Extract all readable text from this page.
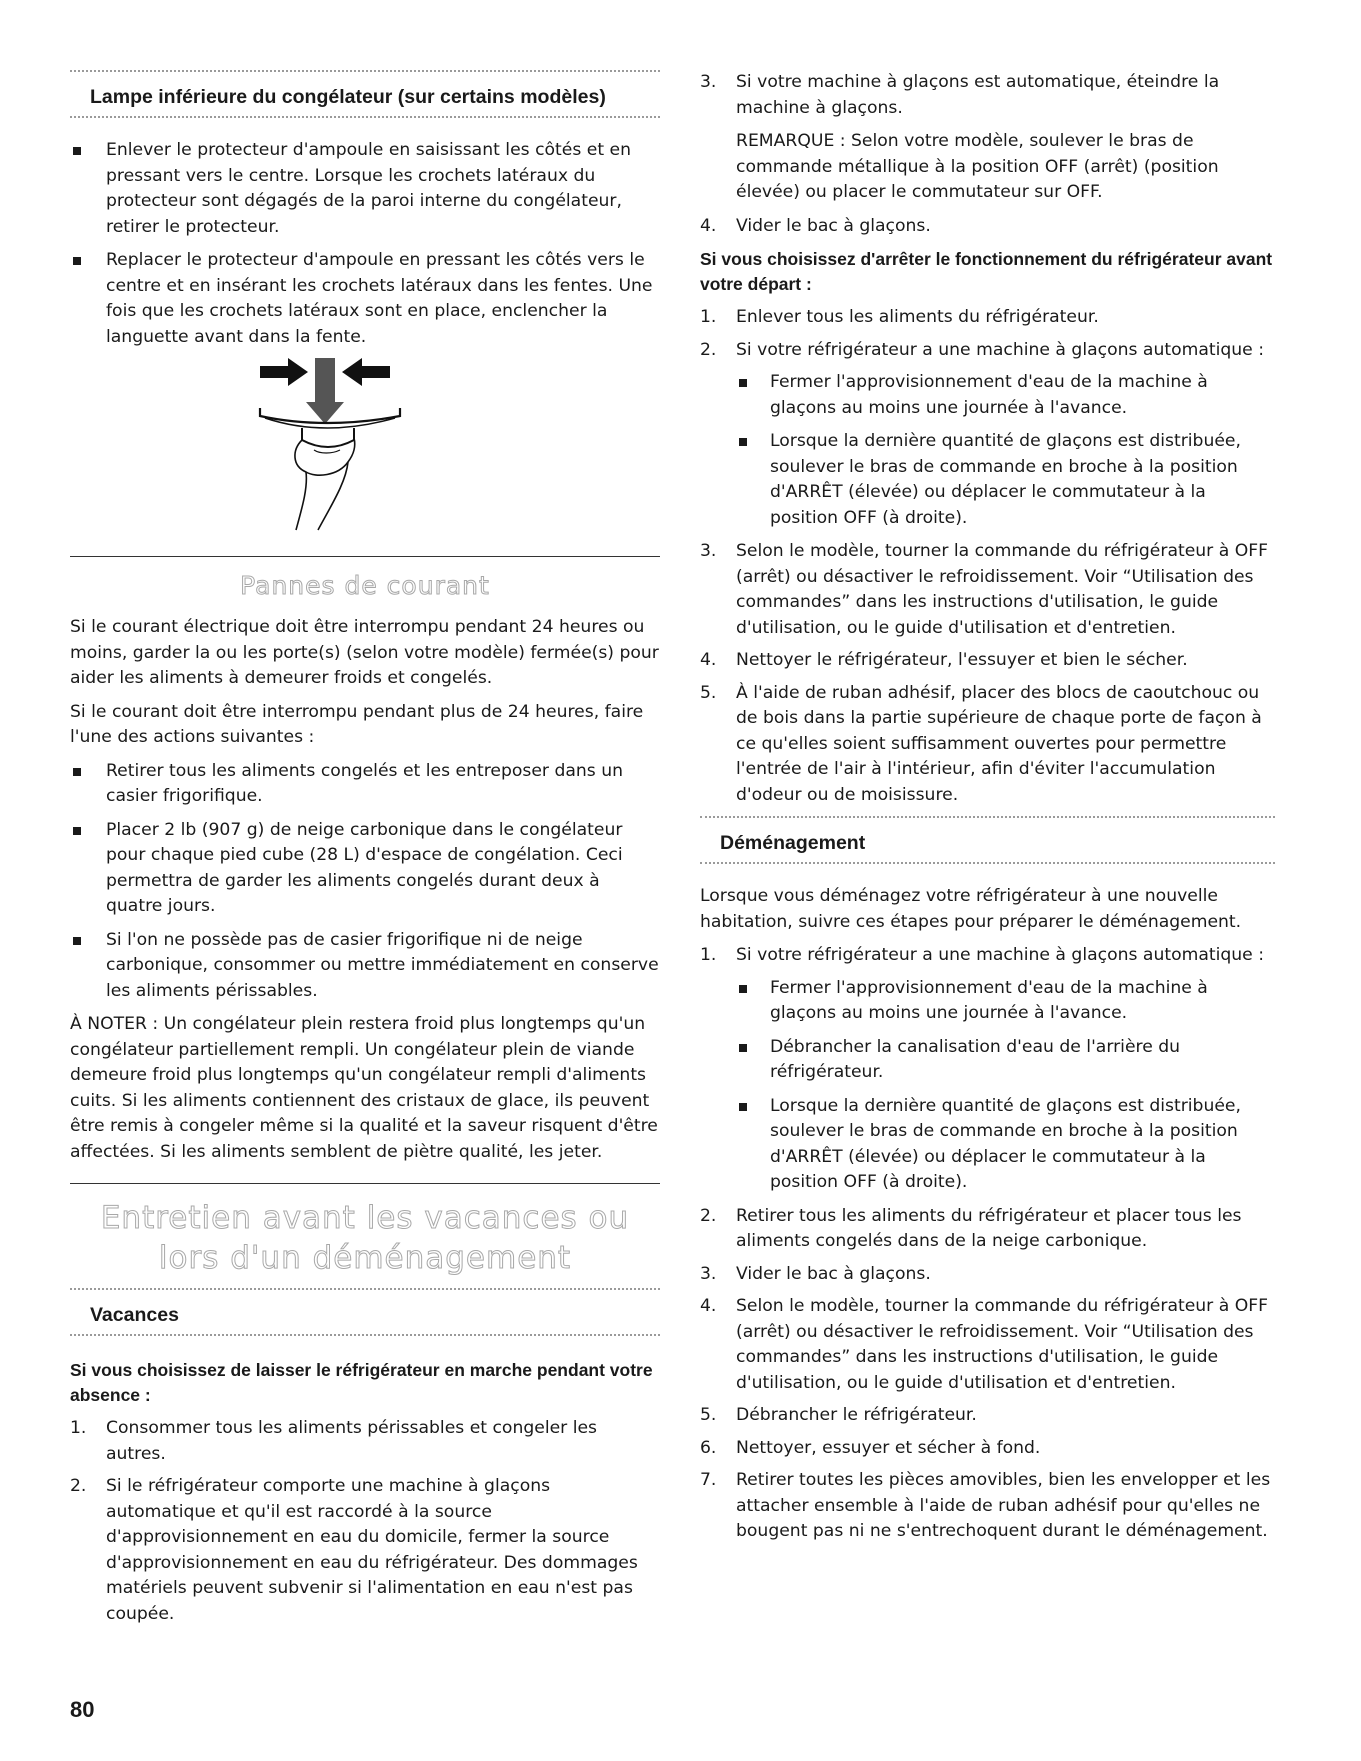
Lampe inférieure du congélateur (sur certains modèles)
Enlever le protecteur d'ampoule en saisissant les côtés et en pressant vers le centre. Lorsque les crochets latéraux du protecteur sont dégagés de la paroi interne du congélateur, retirer le protecteur.
Replacer le protecteur d'ampoule en pressant les côtés vers le centre et en insérant les crochets latéraux dans les fentes. Une fois que les crochets latéraux sont en place, enclencher la languette avant dans la fente.
Pannes de courant

Si le courant électrique doit être interrompu pendant 24 heures ou moins, garder la ou les porte(s) (selon votre modèle) fermée(s) pour aider les aliments à demeurer froids et congelés.

Si le courant doit être interrompu pendant plus de 24 heures, faire l'une des actions suivantes :

Retirer tous les aliments congelés et les entreposer dans un casier frigorifique.
Placer 2 lb (907 g) de neige carbonique dans le congélateur pour chaque pied cube (28 L) d'espace de congélation. Ceci permettra de garder les aliments congelés durant deux à quatre jours.
Si l'on ne possède pas de casier frigorifique ni de neige carbonique, consommer ou mettre immédiatement en conserve les aliments périssables.

À NOTER : Un congélateur plein restera froid plus longtemps qu'un congélateur partiellement rempli. Un congélateur plein de viande demeure froid plus longtemps qu'un congélateur rempli d'aliments cuits. Si les aliments contiennent des cristaux de glace, ils peuvent être remis à congeler même si la qualité et la saveur risquent d'être affectées. Si les aliments semblent de piètre qualité, les jeter.

Entretien avant les vacances ou
lors d'un déménagement
Vacances
Si vous choisissez de laisser le réfrigérateur en marche pendant votre absence :
1. Consommer tous les aliments périssables et congeler les autres.
2. Si le réfrigérateur comporte une machine à glaçons automatique et qu'il est raccordé à la source d'approvisionnement en eau du domicile, fermer la source d'approvisionnement en eau du réfrigérateur. Des dommages matériels peuvent subvenir si l'alimentation en eau n'est pas coupée.
3. Si votre machine à glaçons est automatique, éteindre la machine à glaçons.

REMARQUE : Selon votre modèle, soulever le bras de commande métallique à la position OFF (arrêt) (position élevée) ou placer le commutateur sur OFF.

4. Vider le bac à glaçons.
Si vous choisissez d'arrêter le fonctionnement du réfrigérateur avant votre départ :
1. Enlever tous les aliments du réfrigérateur.
2. Si votre réfrigérateur a une machine à glaçons automatique :
Fermer l'approvisionnement d'eau de la machine à glaçons au moins une journée à l'avance.
Lorsque la dernière quantité de glaçons est distribuée, soulever le bras de commande en broche à la position d'ARRÊT (élevée) ou déplacer le commutateur à la position OFF (à droite).
3. Selon le modèle, tourner la commande du réfrigérateur à OFF (arrêt) ou désactiver le refroidissement. Voir “Utilisation des commandes” dans les instructions d'utilisation, le guide d'utilisation, ou le guide d'utilisation et d'entretien.
4. Nettoyer le réfrigérateur, l'essuyer et bien le sécher.
5. À l'aide de ruban adhésif, placer des blocs de caoutchouc ou de bois dans la partie supérieure de chaque porte de façon à ce qu'elles soient suffisamment ouvertes pour permettre l'entrée de l'air à l'intérieur, afin d'éviter l'accumulation d'odeur ou de moisissure.
Déménagement

Lorsque vous déménagez votre réfrigérateur à une nouvelle habitation, suivre ces étapes pour préparer le déménagement.

1. Si votre réfrigérateur a une machine à glaçons automatique :
Fermer l'approvisionnement d'eau de la machine à glaçons au moins une journée à l'avance.
Débrancher la canalisation d'eau de l'arrière du réfrigérateur.
Lorsque la dernière quantité de glaçons est distribuée, soulever le bras de commande en broche à la position d'ARRÊT (élevée) ou déplacer le commutateur à la position OFF (à droite).
2. Retirer tous les aliments du réfrigérateur et placer tous les aliments congelés dans de la neige carbonique.
3. Vider le bac à glaçons.
4. Selon le modèle, tourner la commande du réfrigérateur à OFF (arrêt) ou désactiver le refroidissement. Voir “Utilisation des commandes” dans les instructions d'utilisation, le guide d'utilisation, ou le guide d'utilisation et d'entretien.
5. Débrancher le réfrigérateur.
6. Nettoyer, essuyer et sécher à fond.
7. Retirer toutes les pièces amovibles, bien les envelopper et les attacher ensemble à l'aide de ruban adhésif pour qu'elles ne bougent pas ni ne s'entrechoquent durant le déménagement.
80
